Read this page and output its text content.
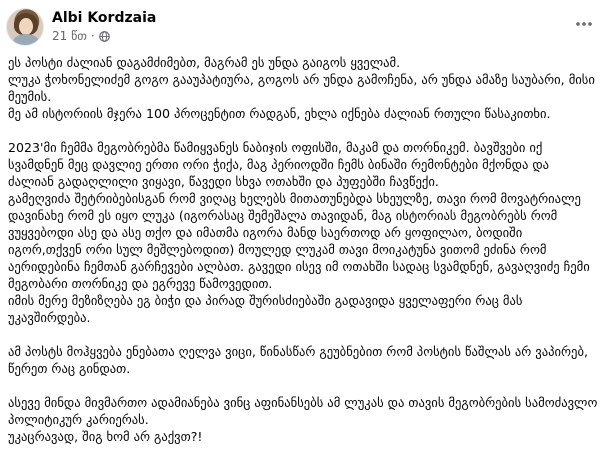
Albi Kordzaia
21 წთ ·

ეს პოსტი ძალიან დაგამძიმებთ, მაგრამ ეს უნდა გაიგოს ყველამ.
ლუკა ჭოხონელიძემ გოგო გააუპატიურა, გოგოს არ უნდა გამოჩენა, არ უნდა ამაზე საუბარი, მისი მეუმის.
მე ამ ისტორიის მჯერა 100 პროცენტით რადგან, ეხლა იქნება ძალიან რთული წასაკითხი.

2023'მი ჩემმა მეგობრებმა წამიყვანეს ნაბიჯის ოფისში, მაკამ და თორნიკემ. ბავშვები იქ სვამდნენ მეც დავლიე ერთი ორი ჭიქა, მაგ პერიოდში ჩემს ბინაში რემონტები მქონდა და ძალიან გადაღლილი ვიყავი, წავედი სხვა ოთახში და პუფებში ჩავწექი.
გამეღვიძა შეტრიბებისგან რომ ვიღაც ხელებს მითათუნებდა სხეულზე, თავი რომ მოვატრიალე დავინახე რომ ეს იყო ლუკა (იგორასაც შემეშალა თავიდან, მაგ ისტორიას მეგობრებს რომ ვუყვებოდი ასე და ასე თქო და იმათმა იგორა მანდ საერთოდ არ ყოფილაო, ბოდიში იგორ,თქვენ ორი სულ მეშლებოდით) მოულედ ლუკამ თავი მოიკატუნა ვითომ ეძინა რომ აერიდებინა ჩემთან გარჩევები ალბათ. გავედი ისევ იმ ოთახში სადაც სვამდნენ, გავაღვიძე ჩემი მეგობარი თორნიკე და ეგრევე წამოვედით.
იმის მერე მეზიზღება ეგ ბიჭი და პირად შურისძიებაში გადავიდა ყველაფერი რაც მას უკავშირდება.

ამ პოსტს მოჰყვება ენებათა ღელვა ვიცი, წინასწარ გეუბნებით რომ პოსტის წაშლას არ ვაპირებ, წერეთ რაც გინდათ.

ასევე მინდა მივმართო ადამიანება ვინც აფინანსებს ამ ლუკას და თავის მეგობრების სამოძავლო პოლიტიკურ კარიერას.
უკაცრავად, შიგ ხომ არ გაქვთ?!
